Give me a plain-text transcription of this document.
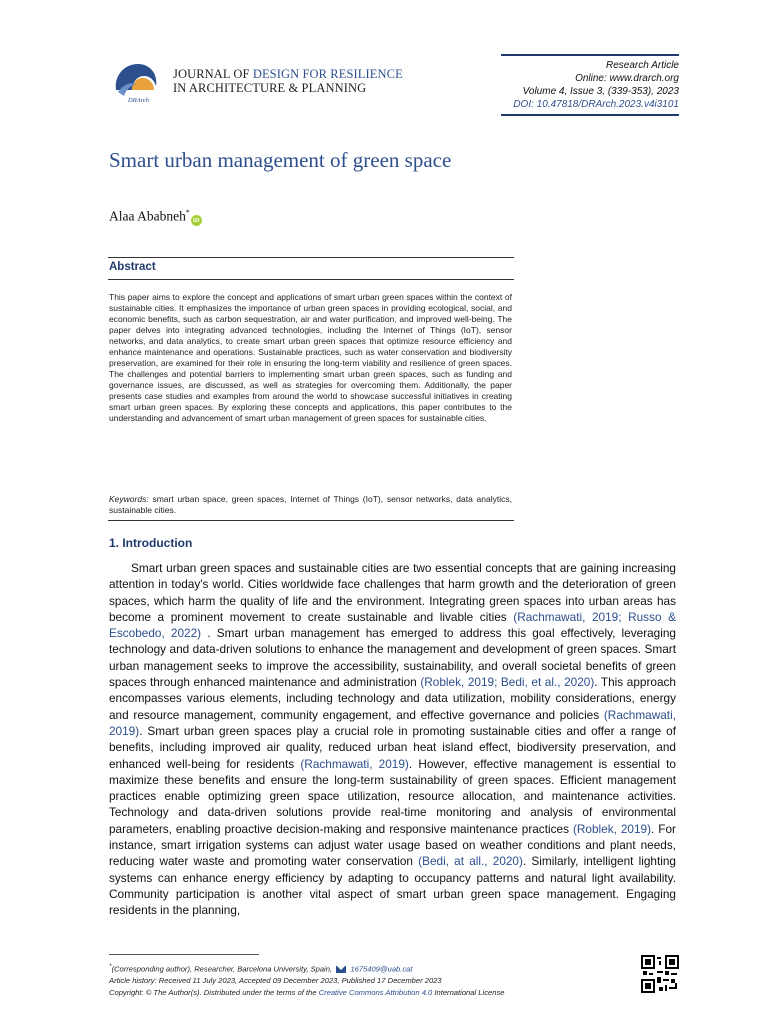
DRArch
JOURNAL OF DESIGN FOR RESILIENCE
IN ARCHITECTURE & PLANNING
Research Article
Online: www.drarch.org
Volume 4, Issue 3, (339-353), 2023
DOI: 10.47818/DRArch.2023.v4i3101
Smart urban management of green space
Alaa Ababneh*iD
Abstract
This paper aims to explore the concept and applications of smart urban green spaces within the context of sustainable cities. It emphasizes the importance of urban green spaces in providing ecological, social, and economic benefits, such as carbon sequestration, air and water purification, and improved well-being. The paper delves into integrating advanced technologies, including the Internet of Things (IoT), sensor networks, and data analytics, to create smart urban green spaces that optimize resource efficiency and enhance maintenance and operations. Sustainable practices, such as water conservation and biodiversity preservation, are examined for their role in ensuring the long-term viability and resilience of green spaces. The challenges and potential barriers to implementing smart urban green spaces, such as funding and governance issues, are discussed, as well as strategies for overcoming them. Additionally, the paper presents case studies and examples from around the world to showcase successful initiatives in creating smart urban green spaces. By exploring these concepts and applications, this paper contributes to the understanding and advancement of smart urban management of green spaces for sustainable cities.
Keywords: smart urban space, green spaces, Internet of Things (IoT), sensor networks, data analytics, sustainable cities.
1. Introduction
Smart urban green spaces and sustainable cities are two essential concepts that are gaining increasing attention in today's world. Cities worldwide face challenges that harm growth and the deterioration of green spaces, which harm the quality of life and the environment. Integrating green spaces into urban areas has become a prominent movement to create sustainable and livable cities (Rachmawati, 2019; Russo & Escobedo, 2022) . Smart urban management has emerged to address this goal effectively, leveraging technology and data-driven solutions to enhance the management and development of green spaces. Smart urban management seeks to improve the accessibility, sustainability, and overall societal benefits of green spaces through enhanced maintenance and administration (Roblek, 2019; Bedi, et al., 2020). This approach encompasses various elements, including technology and data utilization, mobility considerations, energy and resource management, community engagement, and effective governance and policies (Rachmawati, 2019). Smart urban green spaces play a crucial role in promoting sustainable cities and offer a range of benefits, including improved air quality, reduced urban heat island effect, biodiversity preservation, and enhanced well-being for residents (Rachmawati, 2019). However, effective management is essential to maximize these benefits and ensure the long-term sustainability of green spaces. Efficient management practices enable optimizing green space utilization, resource allocation, and maintenance activities. Technology and data-driven solutions provide real-time monitoring and analysis of environmental parameters, enabling proactive decision-making and responsive maintenance practices (Roblek, 2019). For instance, smart irrigation systems can adjust water usage based on weather conditions and plant needs, reducing water waste and promoting water conservation (Bedi, at all., 2020). Similarly, intelligent lighting systems can enhance energy efficiency by adapting to occupancy patterns and natural light availability. Community participation is another vital aspect of smart urban green space management. Engaging residents in the planning,
*(Corresponding author), Researcher, Barcelona University, Spain, 1675409@uab.cat
Article history: Received 11 July 2023, Accepted 09 December 2023, Published 17 December 2023
Copyright: © The Author(s). Distributed under the terms of the Creative Commons Attribution 4.0 International License
